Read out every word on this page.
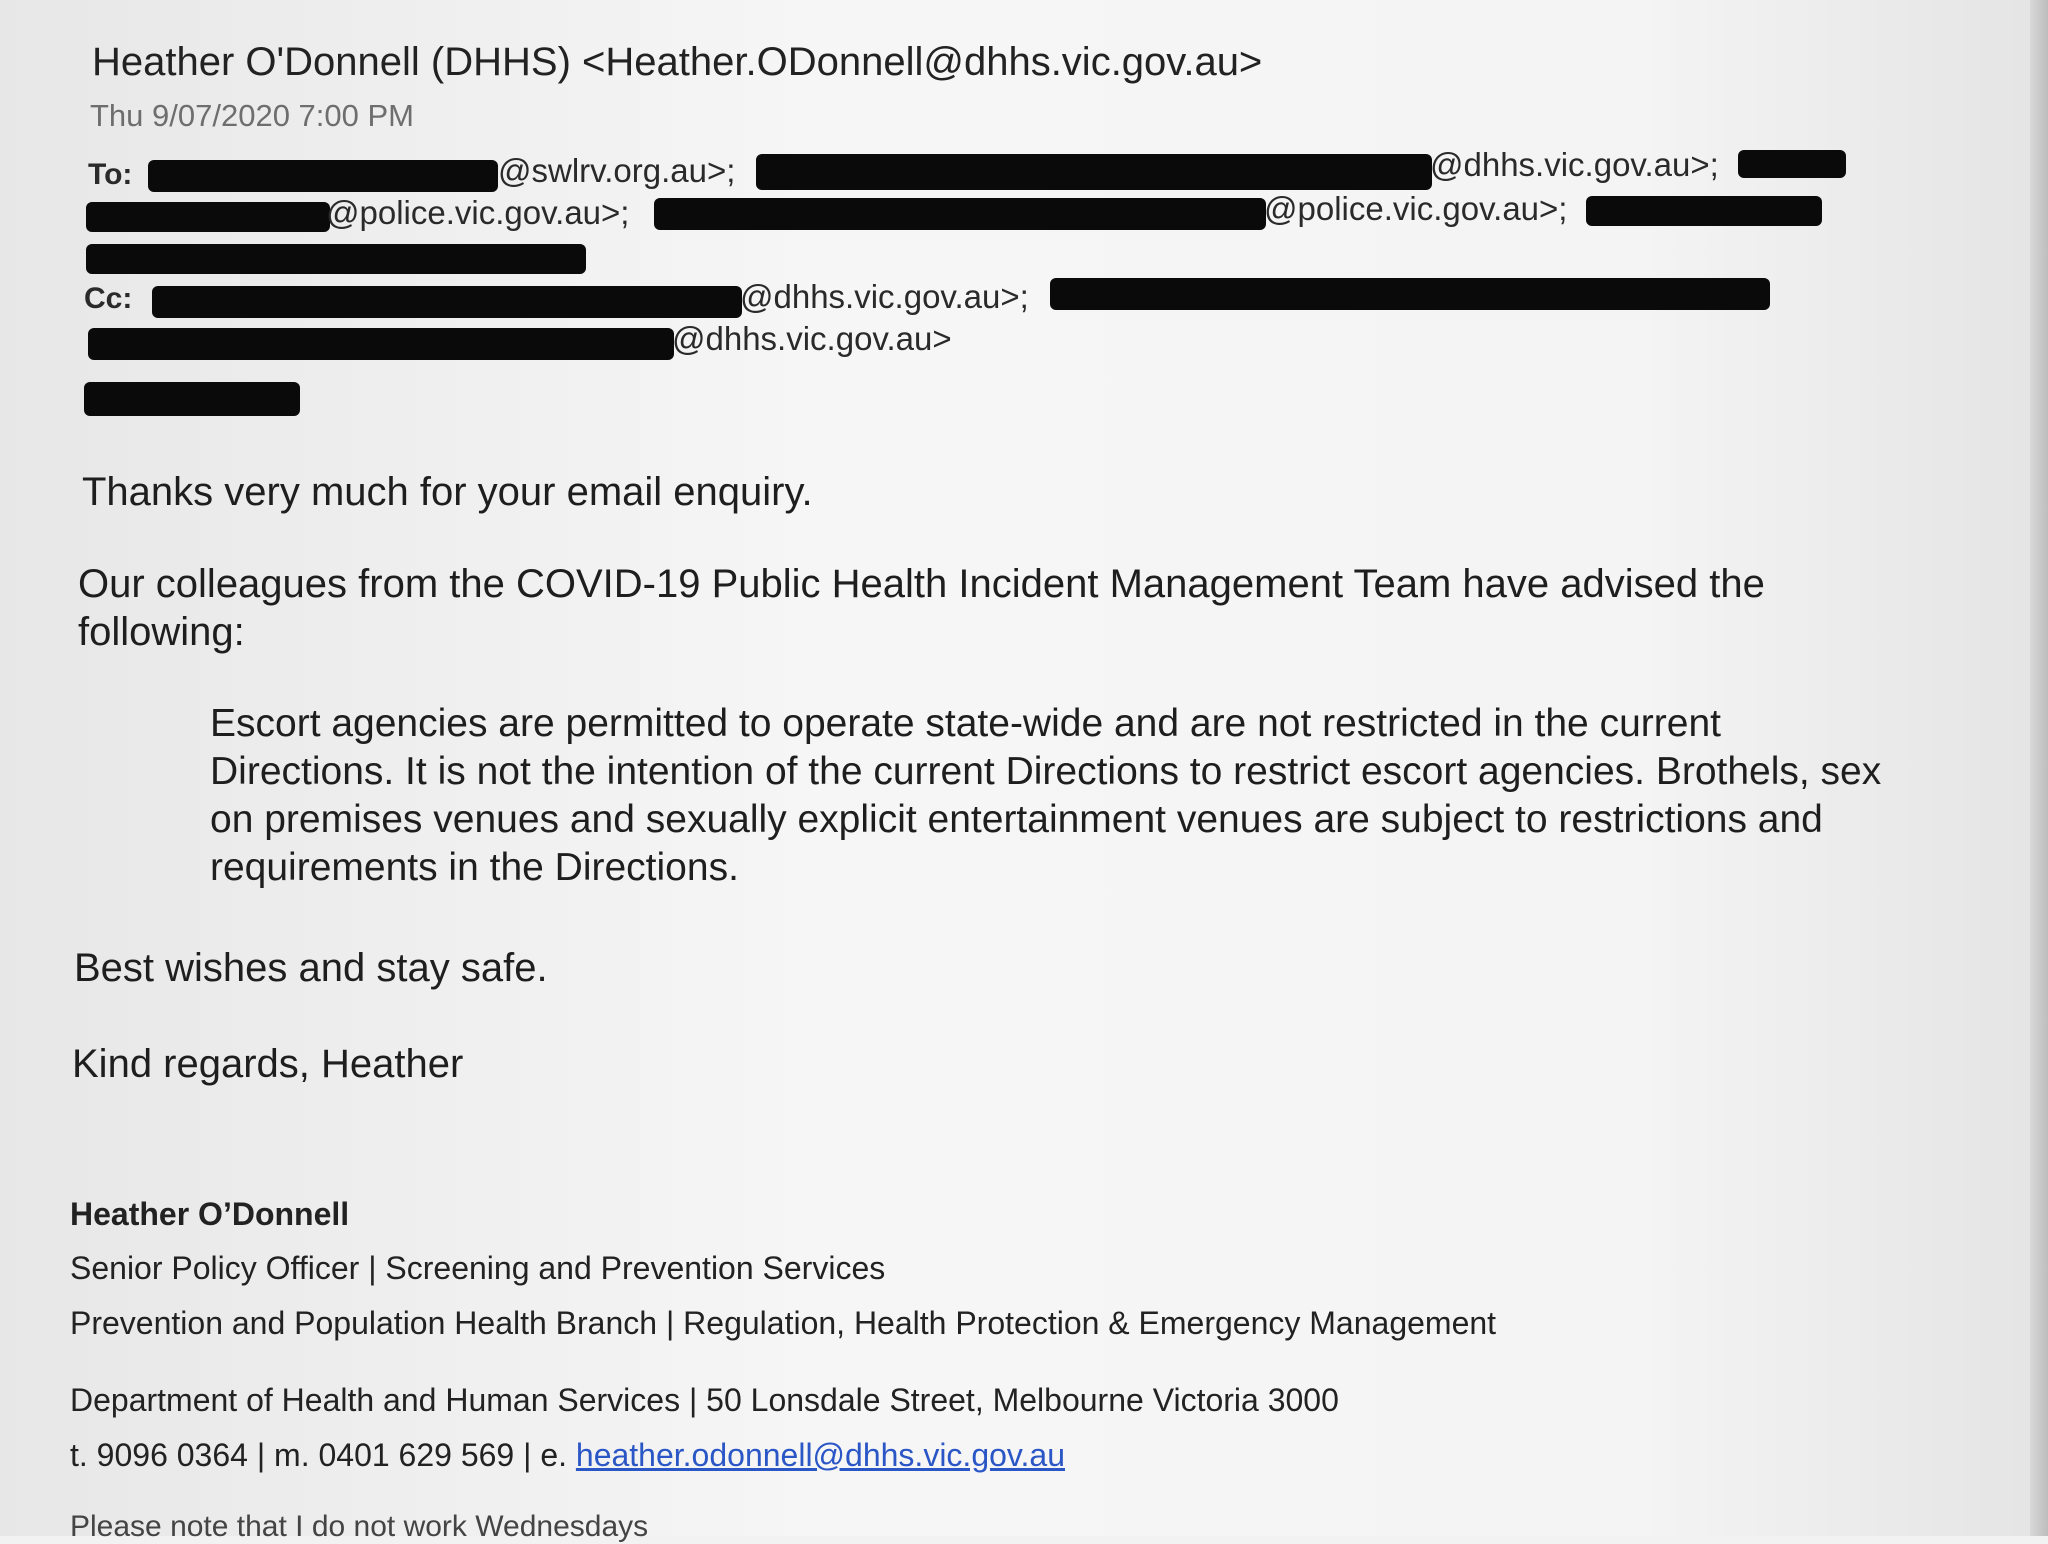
Heather O'Donnell (DHHS) <Heather.ODonnell@dhhs.vic.gov.au>
Thu 9/07/2020 7:00 PM
To:	@swlrv.org.au>;	@dhhs.vic.gov.au>;
@police.vic.gov.au>;	@police.vic.gov.au>;
Cc:	@dhhs.vic.gov.au>;
@dhhs.vic.gov.au>

Thanks very much for your email enquiry.

Our colleagues from the COVID-19 Public Health Incident Management Team have advised the following:

Escort agencies are permitted to operate state-wide and are not restricted in the current Directions. It is not the intention of the current Directions to restrict escort agencies. Brothels, sex on premises venues and sexually explicit entertainment venues are subject to restrictions and requirements in the Directions.

Best wishes and stay safe.

Kind regards, Heather

Heather O’Donnell
Senior Policy Officer | Screening and Prevention Services
Prevention and Population Health Branch | Regulation, Health Protection & Emergency Management
Department of Health and Human Services | 50 Lonsdale Street, Melbourne Victoria 3000
t. 9096 0364 | m. 0401 629 569 | e. heather.odonnell@dhhs.vic.gov.au
Please note that I do not work Wednesdays
